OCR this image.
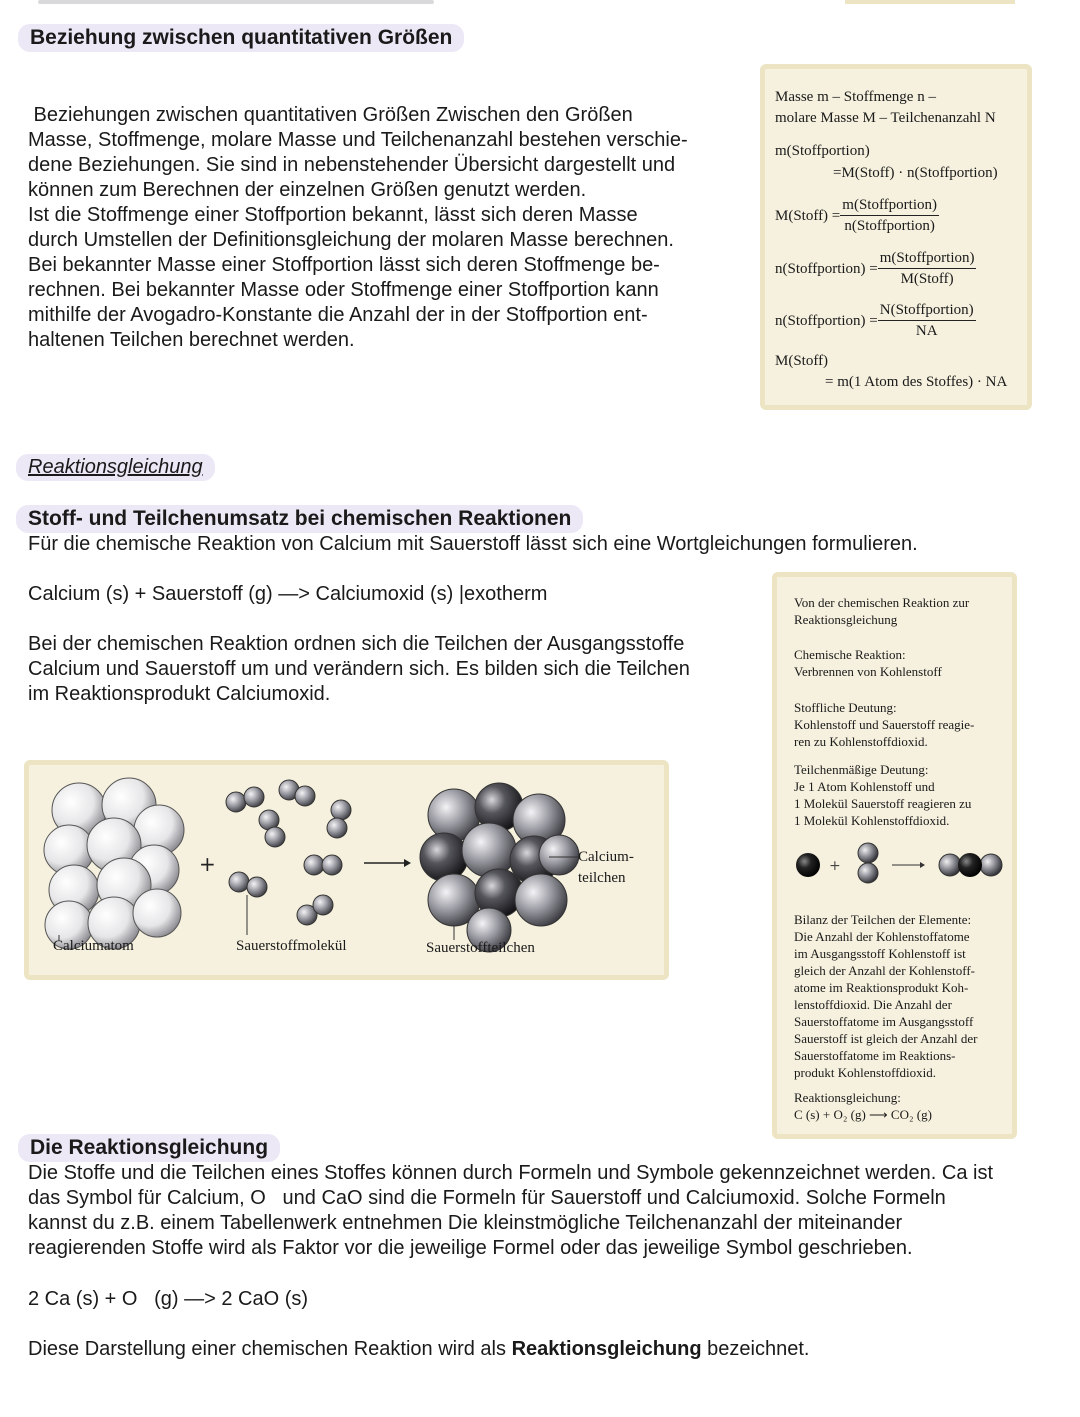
Beziehung zwischen quantitativen Größen
Beziehungen zwischen quantitativen Größen Zwischen den Größen
Masse, Stoffmenge, molare Masse und Teilchenanzahl bestehen verschie-
dene Beziehungen. Sie sind in nebenstehender Übersicht dargestellt und
können zum Berechnen der einzelnen Größen genutzt werden.
Ist die Stoffmenge einer Stoffportion bekannt, lässt sich deren Masse
durch Umstellen der Definitionsgleichung der molaren Masse berechnen.
Bei bekannter Masse einer Stoffportion lässt sich deren Stoffmenge be-
rechnen. Bei bekannter Masse oder Stoffmenge einer Stoffportion kann
mithilfe der Avogadro-Konstante die Anzahl der in der Stoffportion ent-
haltenen Teilchen berechnet werden.
Masse m – Stoffmenge n –
molare Masse M – Teilchenanzahl N
m(Stoffportion)
=M(Stoff) · n(Stoffportion)
M(Stoff) = $\frac{\text{m(Stoffportion)}}{\text{n(Stoffportion)}}$
n(Stoffportion) = $\frac{\text{m(Stoffportion)}}{\text{M(Stoff)}}$
n(Stoffportion) = $\frac{\text{N(Stoffportion)}}{NA}$
M(Stoff)
= m(1 Atom des Stoffes) · NA
Reaktionsgleichung
Stoff- und Teilchenumsatz bei chemischen Reaktionen
Für die chemische Reaktion von Calcium mit Sauerstoff lässt sich eine Wortgleichungen formulieren.
Calcium (s) + Sauerstoff (g) —> Calciumoxid (s) |exotherm
Bei der chemischen Reaktion ordnen sich die Teilchen der Ausgangsstoffe
Calcium und Sauerstoff um und verändern sich. Es bilden sich die Teilchen
im Reaktionsprodukt Calciumoxid.
+
Calciumatom	Sauerstoffmolekül	Sauerstoffteilchen
Calcium-
teilchen
Von der chemischen Reaktion zur
Reaktionsgleichung
Chemische Reaktion:
Verbrennen von Kohlenstoff
Stoffliche Deutung:
Kohlenstoff und Sauerstoff reagie-
ren zu Kohlenstoffdioxid.
Teilchenmäßige Deutung:
Je 1 Atom Kohlenstoff und
1 Molekül Sauerstoff reagieren zu
1 Molekül Kohlenstoffdioxid.
+
Bilanz der Teilchen der Elemente:
Die Anzahl der Kohlenstoffatome
im Ausgangsstoff Kohlenstoff ist
gleich der Anzahl der Kohlenstoff-
atome im Reaktionsprodukt Koh-
lenstoffdioxid. Die Anzahl der
Sauerstoffatome im Ausgangsstoff
Sauerstoff ist gleich der Anzahl der
Sauerstoffatome im Reaktions-
produkt Kohlenstoffdioxid.
Reaktionsgleichung:
C (s) + O₂ (g) ⟶ CO₂ (g)
Die Reaktionsgleichung
Die Stoffe und die Teilchen eines Stoffes können durch Formeln und Symbole gekennzeichnet werden. Ca ist
das Symbol für Calcium, O   und CaO sind die Formeln für Sauerstoff und Calciumoxid. Solche Formeln
kannst du z.B. einem Tabellenwerk entnehmen Die kleinstmögliche Teilchenanzahl der miteinander
reagierenden Stoffe wird als Faktor vor die jeweilige Formel oder das jeweilige Symbol geschrieben.
2 Ca (s) + O   (g) —> 2 CaO (s)
Diese Darstellung einer chemischen Reaktion wird als Reaktionsgleichung bezeichnet.
